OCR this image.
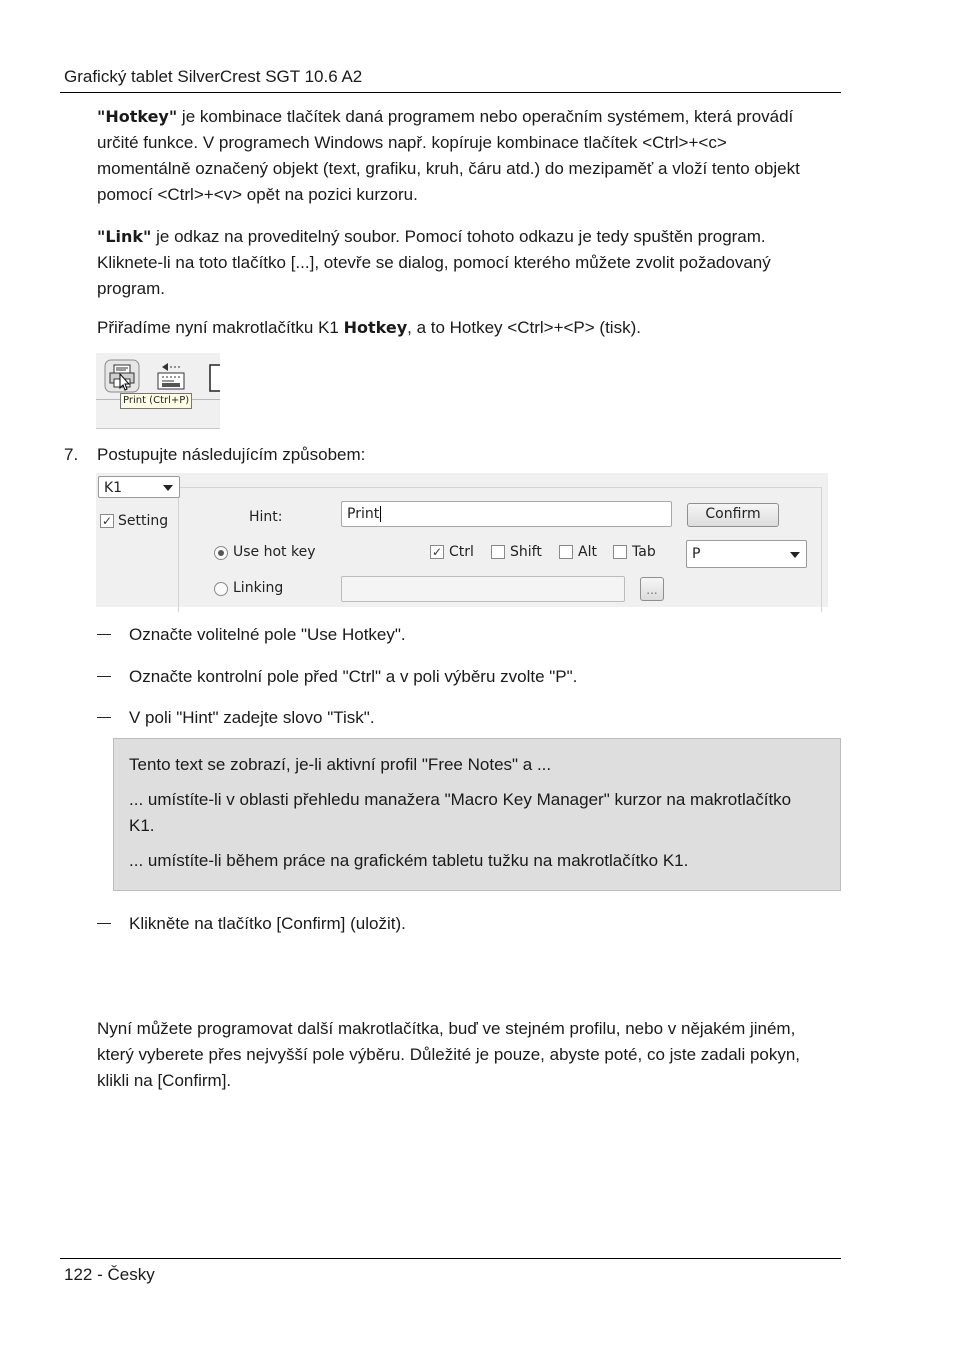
Grafický tablet SilverCrest SGT 10.6 A2
"Hotkey" je kombinace tlačítek daná programem nebo operačním systémem, která provádí
určité funkce. V programech Windows např. kopíruje kombinace tlačítek <Ctrl>+<c>
momentálně označený objekt (text, grafiku, kruh, čáru atd.) do mezipaměť a vloží tento objekt
pomocí <Ctrl>+<v> opět na pozici kurzoru.
"Link" je odkaz na proveditelný soubor. Pomocí tohoto odkazu je tedy spuštěn program.
Kliknete-li na toto tlačítko [...], otevře se dialog, pomocí kterého můžete zvolit požadovaný
program.
Přiřadíme nyní makrotlačítku K1 Hotkey, a to Hotkey <Ctrl>+<P> (tisk).
Print (Ctrl+P)
7. Postupujte následujícím způsobem:
K1
✓ Setting	Hint:	Print	Confirm
Use hot key	✓ Ctrl	Shift	Alt	Tab	P
Linking	...
Označte volitelné pole "Use Hotkey".
Označte kontrolní pole před "Ctrl" a v poli výběru zvolte "P".
V poli "Hint" zadejte slovo "Tisk".
Tento text se zobrazí, je-li aktivní profil "Free Notes" a ...
... umístíte-li v oblasti přehledu manažera "Macro Key Manager" kurzor na makrotlačítko
K1.
... umístíte-li během práce na grafickém tabletu tužku na makrotlačítko K1.
Klikněte na tlačítko [Confirm] (uložit).
Nyní můžete programovat další makrotlačítka, buď ve stejném profilu, nebo v nějakém jiném,
který vyberete přes nejvyšší pole výběru. Důležité je pouze, abyste poté, co jste zadali pokyn,
klikli na [Confirm].
122 - Česky
